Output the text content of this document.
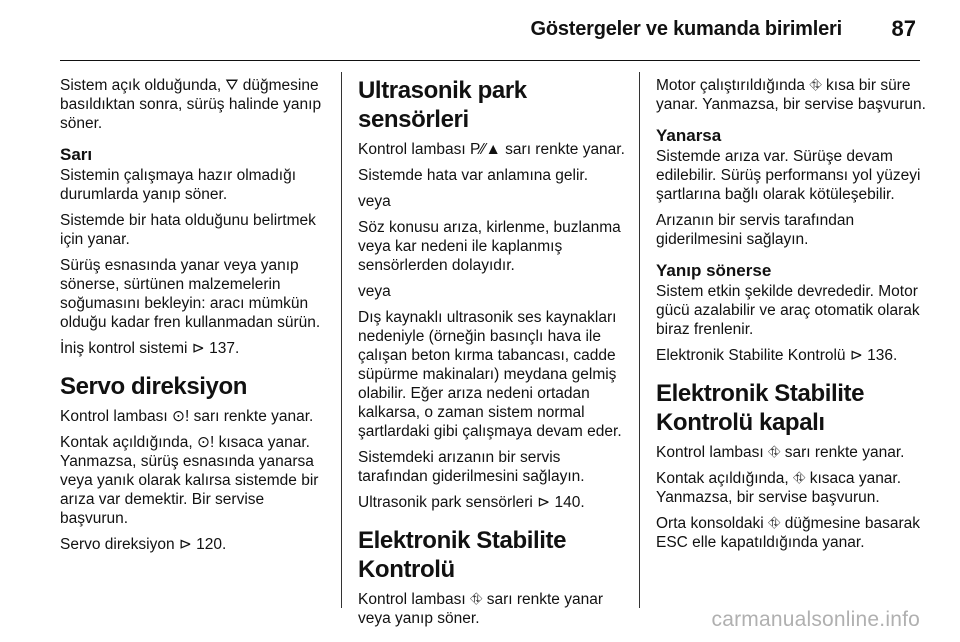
Göstergeler ve kumanda birimleri 87

Sistem açık olduğunda, ⛛ düğmesine basıldıktan sonra, sürüş halinde yanıp söner.

Sarı

Sistemin çalışmaya hazır olmadığı durumlarda yanıp söner.

Sistemde bir hata olduğunu belirtmek için yanar.

Sürüş esnasında yanar veya yanıp sönerse, sürtünen malzemelerin soğumasını bekleyin: aracı mümkün olduğu kadar fren kullanmadan sürün.

İniş kontrol sistemi ⊳ 137.

Servo direksiyon

Kontrol lambası ⊙! sarı renkte yanar.

Kontak açıldığında, ⊙! kısaca yanar. Yanmazsa, sürüş esnasında yanarsa veya yanık olarak kalırsa sistemde bir arıza var demektir. Bir servise başvurun.

Servo direksiyon ⊳ 120.

Ultrasonik park sensörleri

Kontrol lambası P⁄⁄▲ sarı renkte yanar.

Sistemde hata var anlamına gelir.

veya

Söz konusu arıza, kirlenme, buzlanma veya kar nedeni ile kaplanmış sensörlerden dolayıdır.

veya

Dış kaynaklı ultrasonik ses kaynakları nedeniyle (örneğin basınçlı hava ile çalışan beton kırma tabancası, cadde süpürme makinaları) meydana gelmiş olabilir. Eğer arıza nedeni ortadan kalkarsa, o zaman sistem normal şartlardaki gibi çalışmaya devam eder.

Sistemdeki arızanın bir servis tarafından giderilmesini sağlayın.

Ultrasonik park sensörleri ⊳ 140.

Elektronik Stabilite Kontrolü

Kontrol lambası ⛗ sarı renkte yanar veya yanıp söner.

Motor çalıştırıldığında ⛗ kısa bir süre yanar. Yanmazsa, bir servise başvurun.

Yanarsa

Sistemde arıza var. Sürüşe devam edilebilir. Sürüş performansı yol yüzeyi şartlarına bağlı olarak kötüleşebilir.

Arızanın bir servis tarafından giderilmesini sağlayın.

Yanıp sönerse

Sistem etkin şekilde devrededir. Motor gücü azalabilir ve araç otomatik olarak biraz frenlenir.

Elektronik Stabilite Kontrolü ⊳ 136.

Elektronik Stabilite Kontrolü kapalı

Kontrol lambası ⛗ sarı renkte yanar.

Kontak açıldığında, ⛗ kısaca yanar. Yanmazsa, bir servise başvurun.

Orta konsoldaki ⛗ düğmesine basarak ESC elle kapatıldığında yanar.

carmanualsonline.info
